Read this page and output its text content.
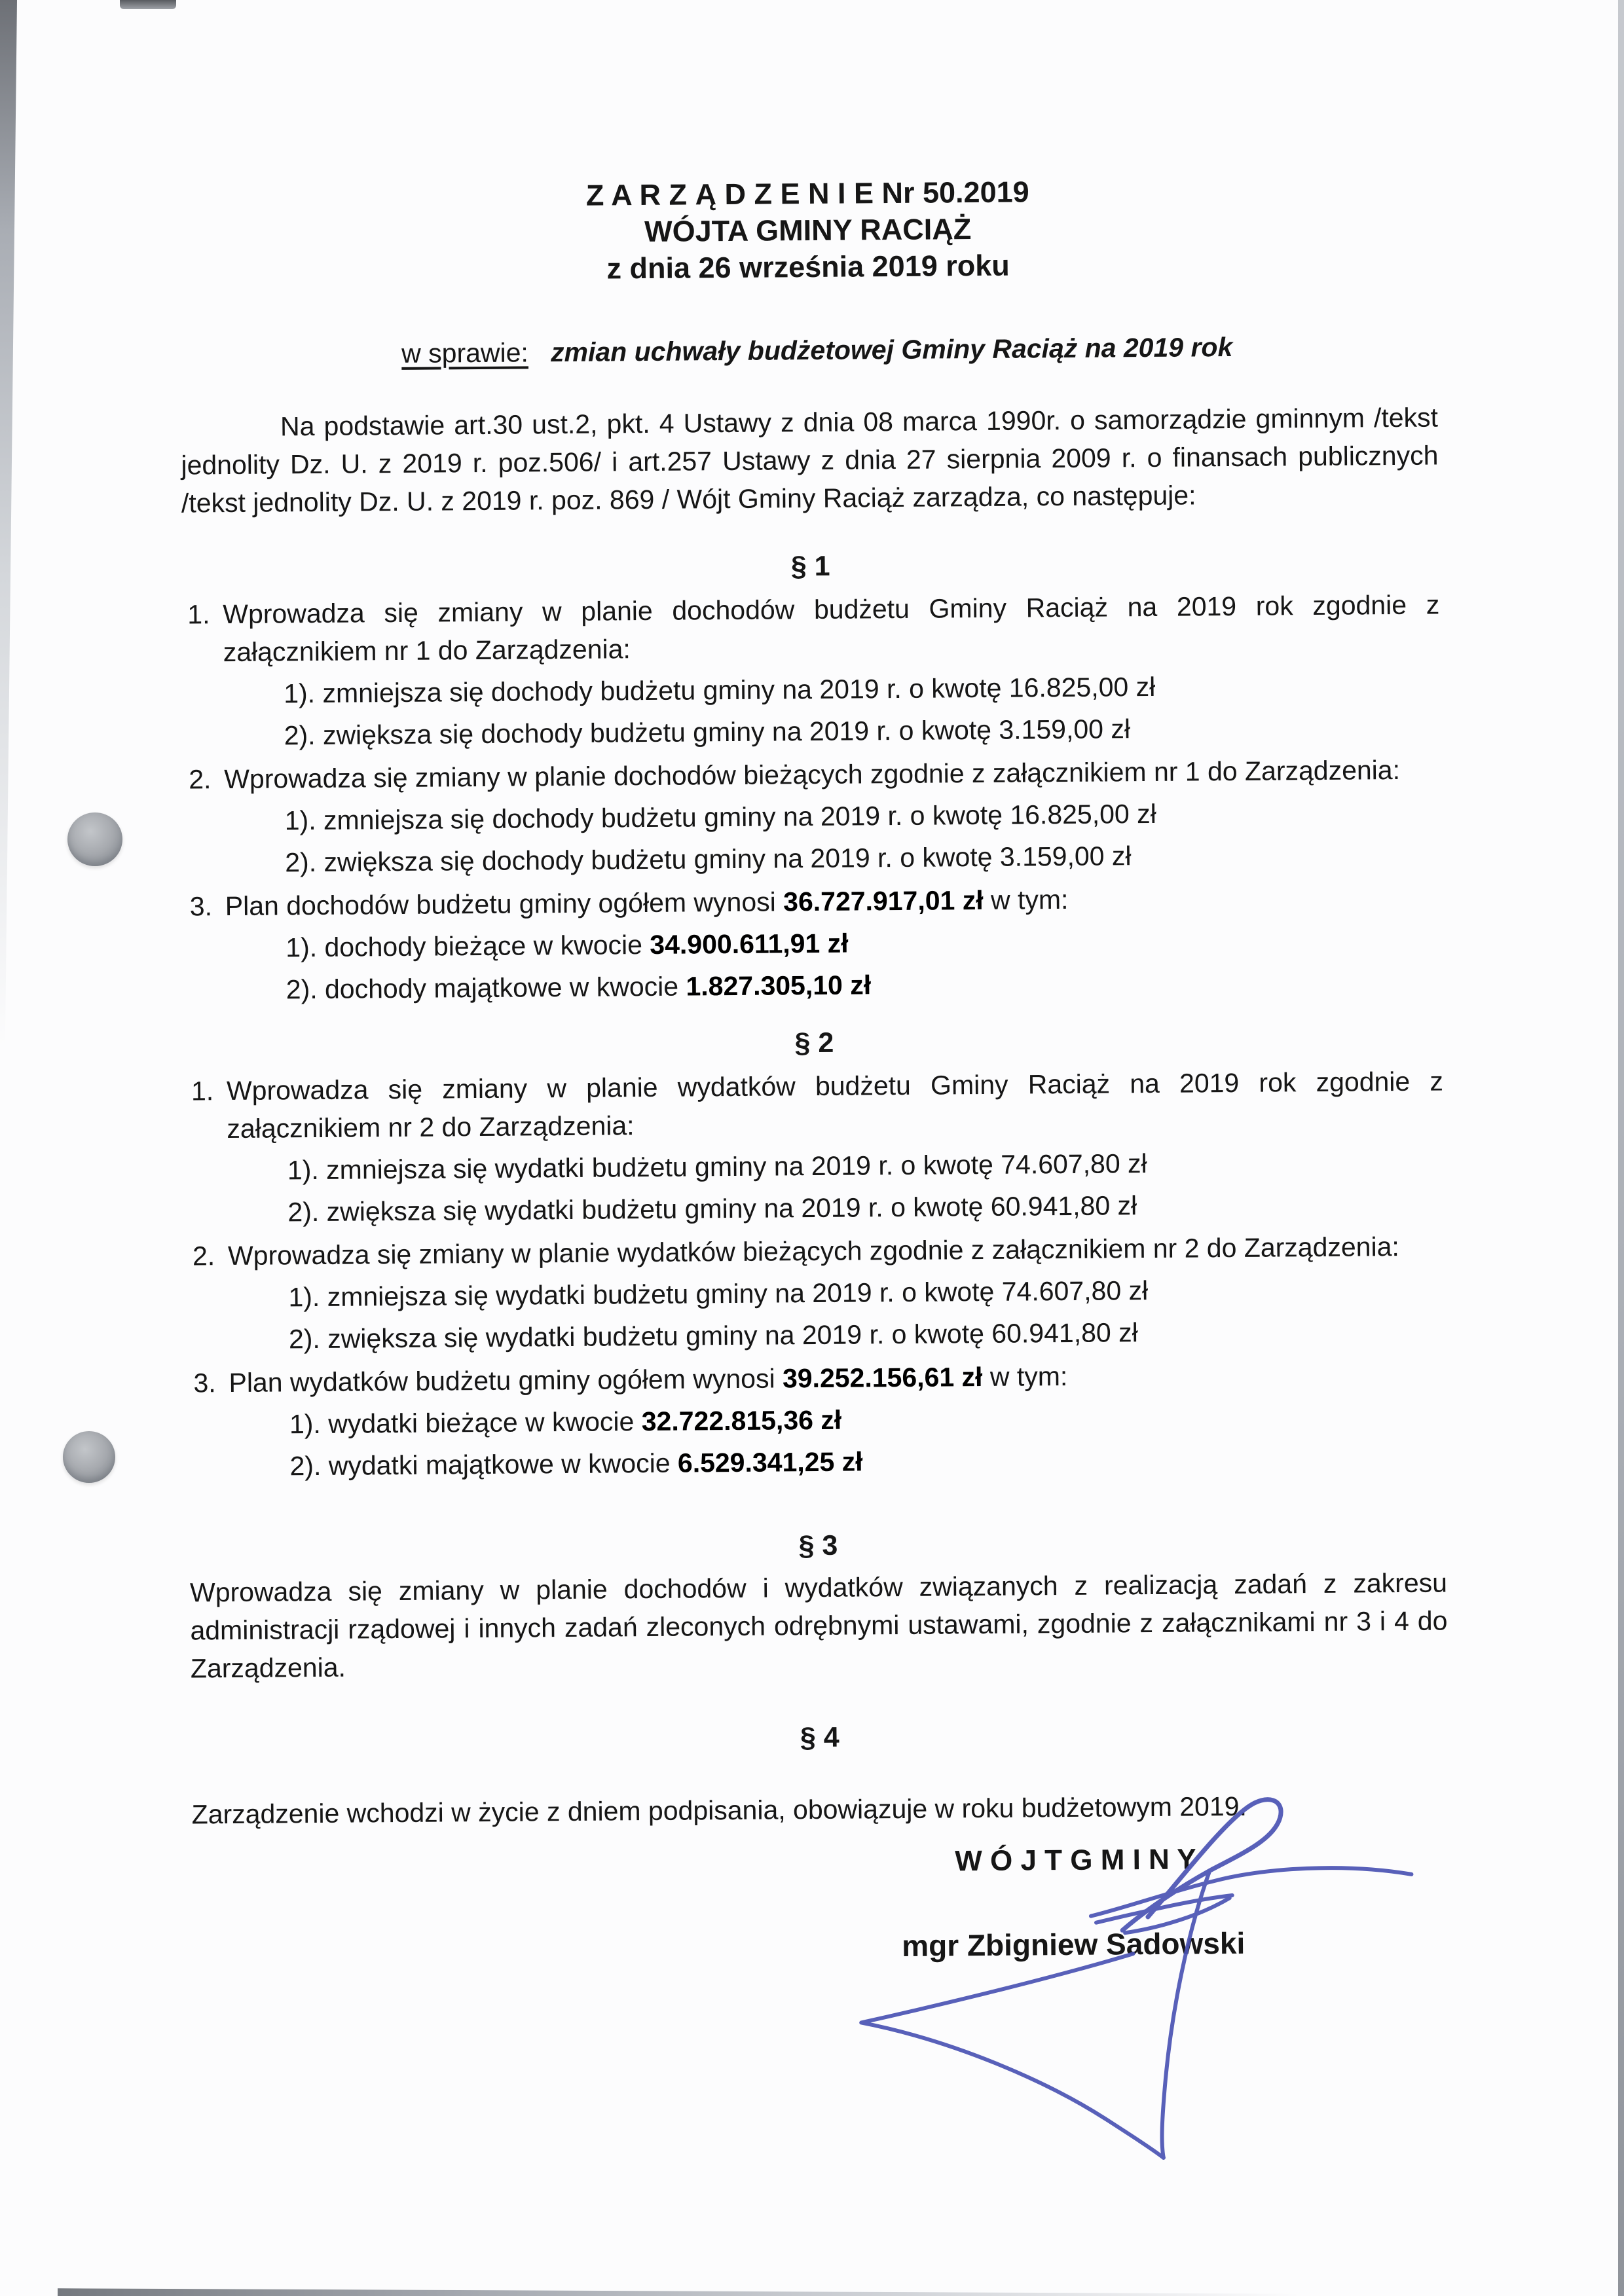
Z A R Z Ą D Z E N I E Nr 50.2019
WÓJTA GMINY RACIĄŻ
z dnia 26 września 2019 roku
w sprawie: zmian uchwały budżetowej Gminy Raciąż na 2019 rok
Na podstawie art.30 ust.2, pkt. 4 Ustawy z dnia 08 marca 1990r. o samorządzie gminnym /tekst jednolity Dz. U. z 2019 r. poz.506/ i art.257 Ustawy z dnia 27 sierpnia 2009 r. o finansach publicznych /tekst jednolity Dz. U. z 2019 r. poz. 869 / Wójt Gminy Raciąż zarządza, co następuje:
§ 1
1. Wprowadza się zmiany w planie dochodów budżetu Gminy Raciąż na 2019 rok zgodnie z załącznikiem nr 1 do Zarządzenia:
1). zmniejsza się dochody budżetu gminy na 2019 r. o kwotę 16.825,00 zł
2). zwiększa się dochody budżetu gminy na 2019 r. o kwotę 3.159,00 zł
2. Wprowadza się zmiany w planie dochodów bieżących zgodnie z załącznikiem nr 1 do Zarządzenia:
1). zmniejsza się dochody budżetu gminy na 2019 r. o kwotę 16.825,00 zł
2). zwiększa się dochody budżetu gminy na 2019 r. o kwotę 3.159,00 zł
3. Plan dochodów budżetu gminy ogółem wynosi 36.727.917,01 zł w tym:
1). dochody bieżące w kwocie 34.900.611,91 zł
2). dochody majątkowe w kwocie 1.827.305,10 zł
§ 2
1. Wprowadza się zmiany w planie wydatków budżetu Gminy Raciąż na 2019 rok zgodnie z załącznikiem nr 2 do Zarządzenia:
1). zmniejsza się wydatki budżetu gminy na 2019 r. o kwotę 74.607,80 zł
2). zwiększa się wydatki budżetu gminy na 2019 r. o kwotę 60.941,80 zł
2. Wprowadza się zmiany w planie wydatków bieżących zgodnie z załącznikiem nr 2 do Zarządzenia:
1). zmniejsza się wydatki budżetu gminy na 2019 r. o kwotę 74.607,80 zł
2). zwiększa się wydatki budżetu gminy na 2019 r. o kwotę 60.941,80 zł
3. Plan wydatków budżetu gminy ogółem wynosi 39.252.156,61 zł w tym:
1). wydatki bieżące w kwocie 32.722.815,36 zł
2). wydatki majątkowe w kwocie 6.529.341,25 zł
§ 3
Wprowadza się zmiany w planie dochodów i wydatków związanych z realizacją zadań z zakresu administracji rządowej i innych zadań zleconych odrębnymi ustawami, zgodnie z załącznikami nr 3 i 4 do Zarządzenia.
§ 4
Zarządzenie wchodzi w życie z dniem podpisania, obowiązuje w roku budżetowym 2019.
W Ó J T G M I N Y
mgr Zbigniew Sadowski
